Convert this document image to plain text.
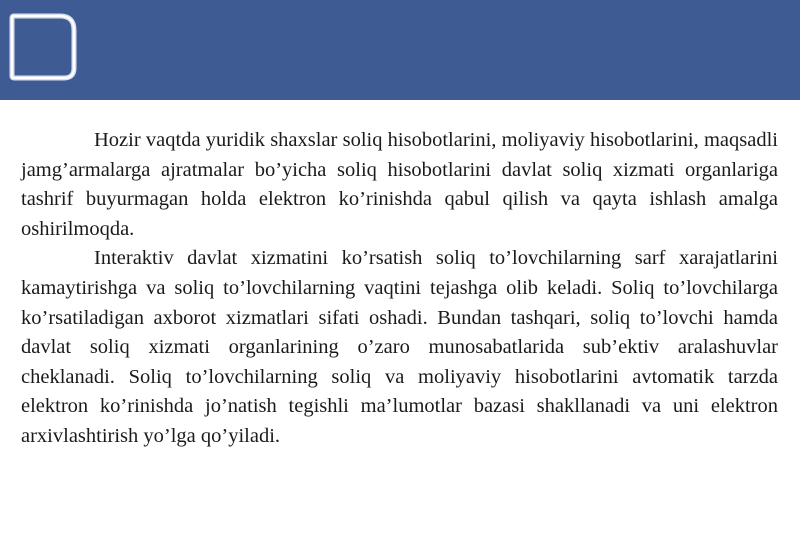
Hozir vaqtda yuridik shaxslar soliq hisobotlarini, moliyaviy hisobotlarini, maqsadli jamg’armalarga ajratmalar bo’yicha soliq hisobotlarini davlat soliq xizmati organlariga tashrif buyurmagan holda elektron ko’rinishda qabul qilish va qayta ishlash amalga oshirilmoqda.

Interaktiv davlat xizmatini ko’rsatish soliq to’lovchilarning sarf xarajatlarini kamaytirishga va soliq to’lovchilarning vaqtini tejashga olib keladi. Soliq to’lovchilarga ko’rsatiladigan axborot xizmatlari sifati oshadi. Bundan tashqari, soliq to’lovchi hamda davlat soliq xizmati organlarining o’zaro munosabatlarida sub’ektiv aralashuvlar cheklanadi. Soliq to’lovchilarning soliq va moliyaviy hisobotlarini avtomatik tarzda elektron ko’rinishda jo’natish tegishli ma’lumotlar bazasi shakllanadi va uni elektron arxivlashtirish yo’lga qo’yiladi.
